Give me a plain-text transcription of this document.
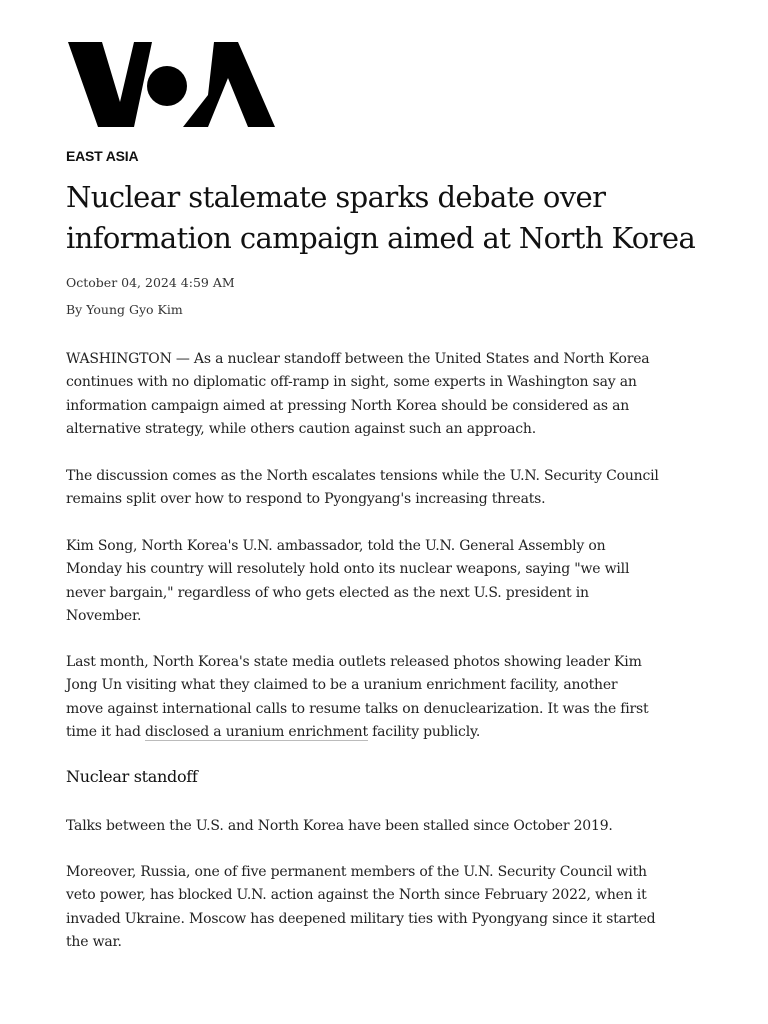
EAST ASIA
Nuclear stalemate sparks debate over
information campaign aimed at North Korea
October 04, 2024 4:59 AM
By Young Gyo Kim
WASHINGTON — As a nuclear standoff between the United States and North Korea
continues with no diplomatic off-ramp in sight, some experts in Washington say an
information campaign aimed at pressing North Korea should be considered as an
alternative strategy, while others caution against such an approach.
The discussion comes as the North escalates tensions while the U.N. Security Council
remains split over how to respond to Pyongyang's increasing threats.
Kim Song, North Korea's U.N. ambassador, told the U.N. General Assembly on
Monday his country will resolutely hold onto its nuclear weapons, saying "we will
never bargain," regardless of who gets elected as the next U.S. president in
November.
Last month, North Korea's state media outlets released photos showing leader Kim
Jong Un visiting what they claimed to be a uranium enrichment facility, another
move against international calls to resume talks on denuclearization. It was the first
time it had disclosed a uranium enrichment facility publicly.
Nuclear standoff
Talks between the U.S. and North Korea have been stalled since October 2019.
Moreover, Russia, one of five permanent members of the U.N. Security Council with
veto power, has blocked U.N. action against the North since February 2022, when it
invaded Ukraine. Moscow has deepened military ties with Pyongyang since it started
the war.
